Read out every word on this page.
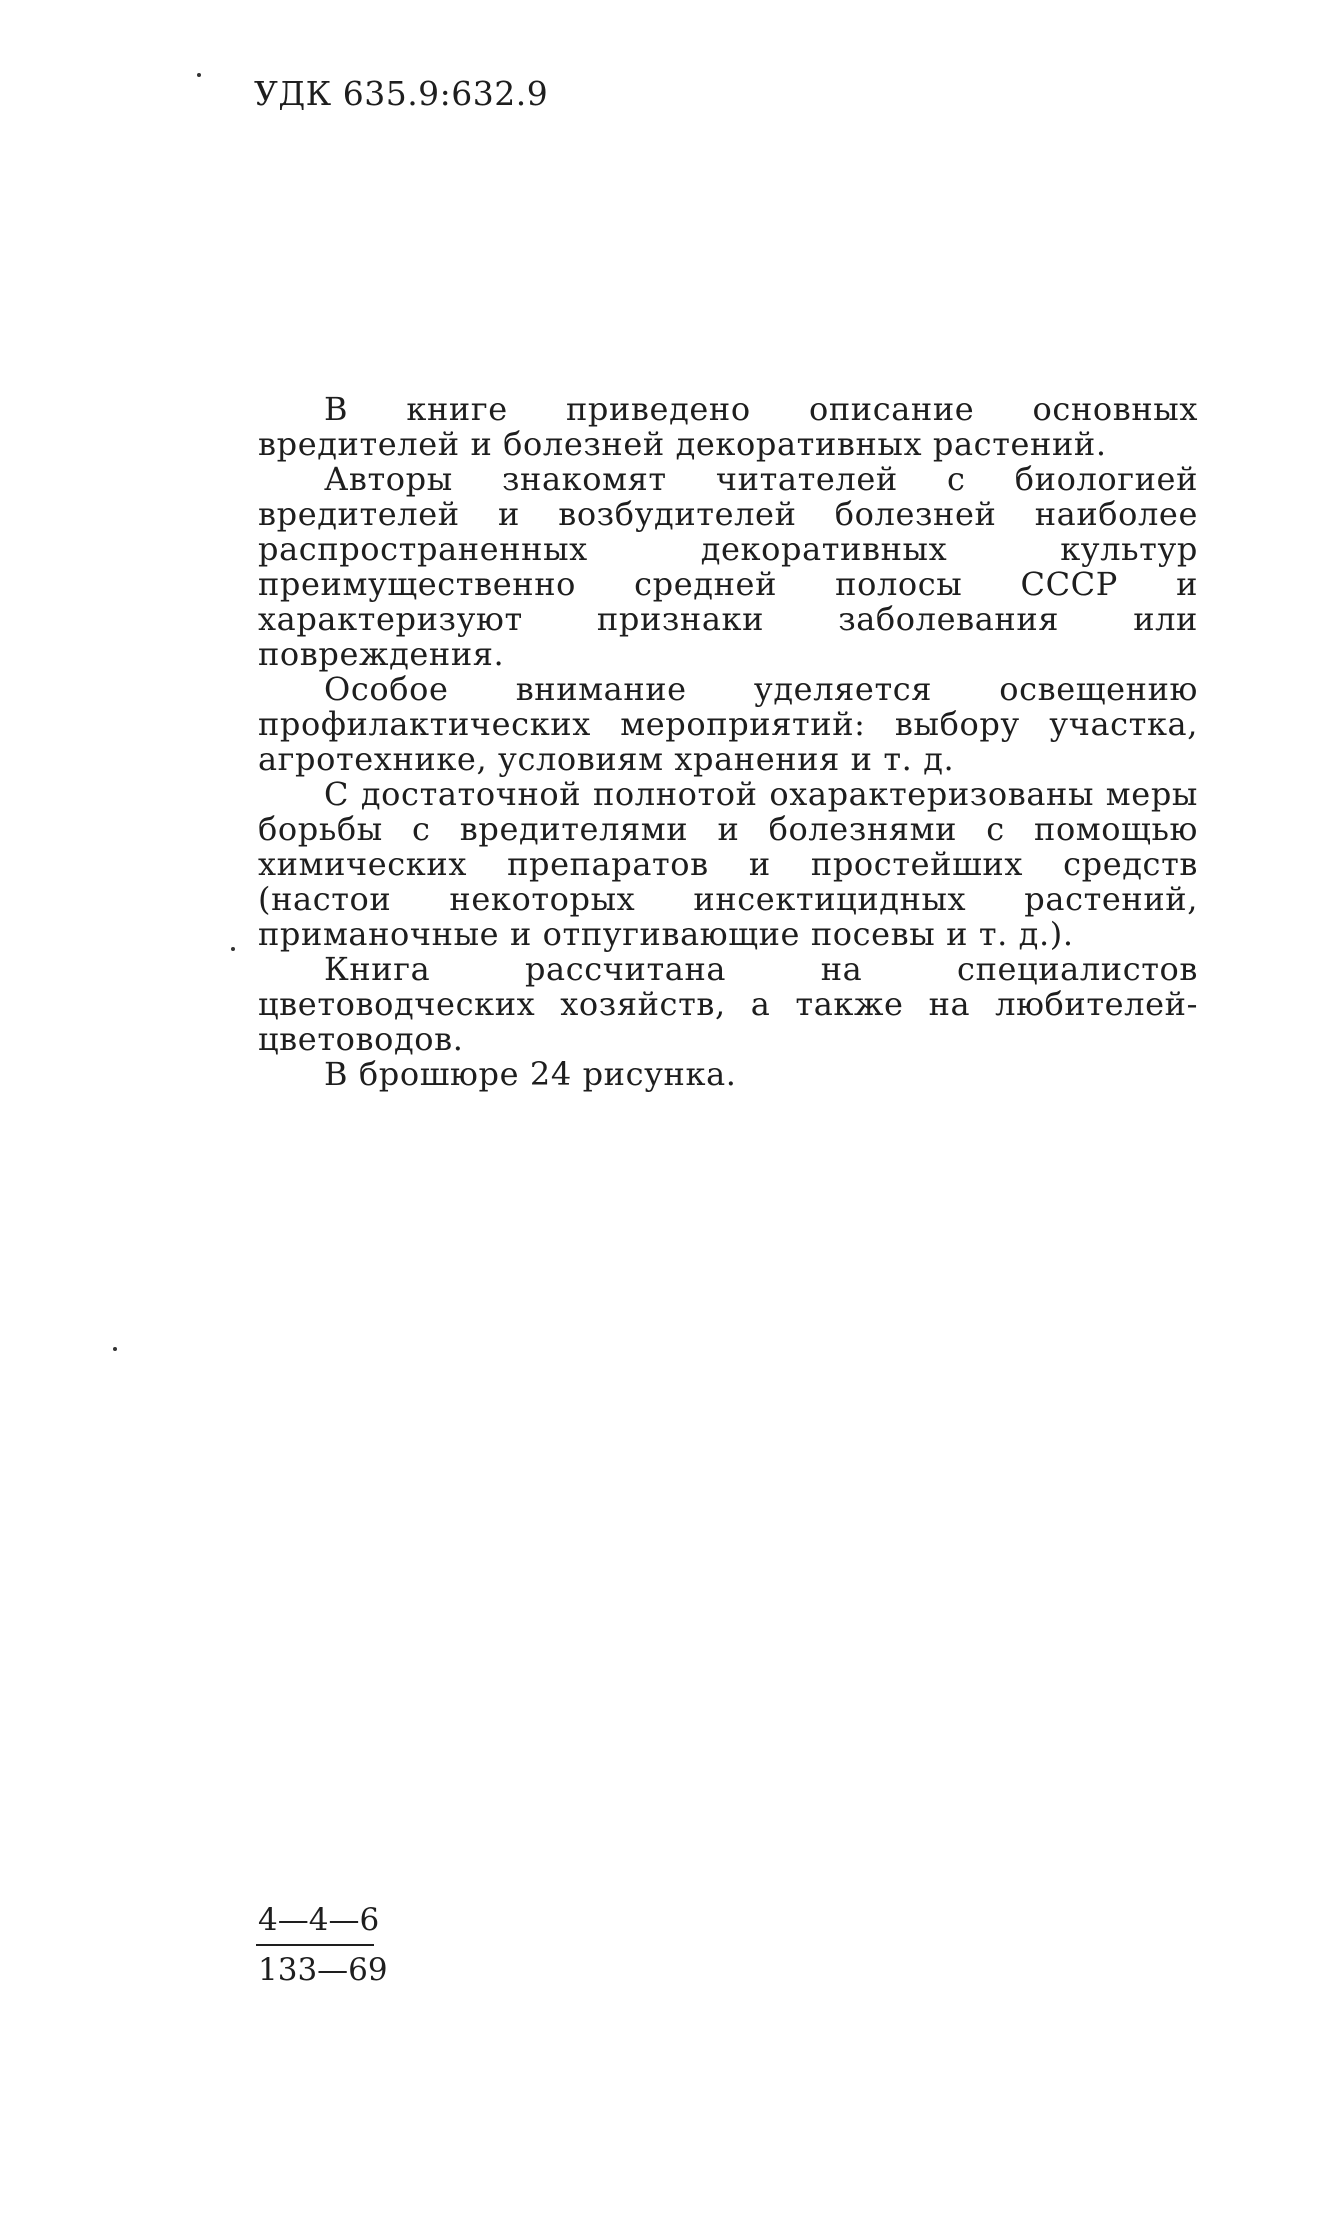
УДК 635.9:632.9

В книге приведено описание основных вредителей и болезней декоративных растений.

Авторы знакомят читателей с биологией вредителей и возбудителей болезней наиболее распространенных декоративных культур преимущественно средней полосы СССР и характеризуют признаки заболевания или повреждения.

Особое внимание уделяется освещению профилактических мероприятий: выбору участка, агротехнике, условиям хранения и т. д.

С достаточной полнотой охарактеризованы меры борьбы с вредителями и болезнями с помощью химических препаратов и простейших средств (настои некоторых инсектицидных растений, приманочные и отпугивающие посевы и т. д.).

Книга рассчитана на специалистов цветоводческих хозяйств, а также на любителей-цветоводов.

В брошюре 24 рисунка.

4—4—6
133—69
